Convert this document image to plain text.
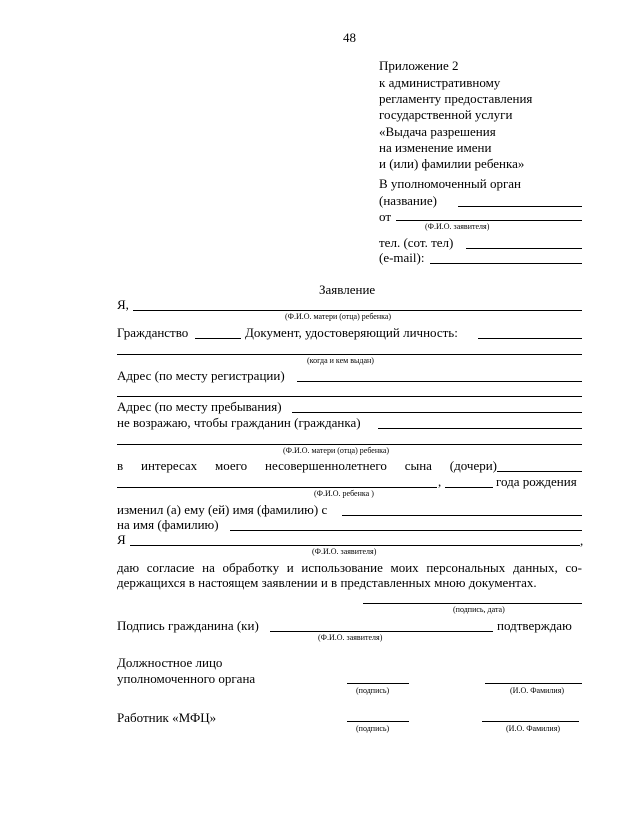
48
Приложение 2
к административному
регламенту предоставления
государственной услуги
«Выдача разрешения
на изменение имени
и (или) фамилии ребенка»
В уполномоченный орган
(название)
от
(Ф.И.О. заявителя)
тел. (сот. тел)
(e-mail):
Заявление
Я,
(Ф.И.О. матери (отца) ребенка)
Гражданство	Документ, удостоверяющий личность:
(когда и кем выдан)
Адрес (по месту регистрации)
Адрес (по месту пребывания)
не возражаю, чтобы гражданин (гражданка)
(Ф.И.О. матери (отца) ребенка)
в интересах моего несовершеннолетнего сына (дочери)
,	года рождения
(Ф.И.О. ребенка )
изменил (а) ему (ей) имя (фамилию) с
на имя (фамилию)
Я	,
(Ф.И.О. заявителя)
даю согласие на обработку и использование моих персональных данных, со-
держащихся в настоящем заявлении и в представленных мною документах.
(подпись, дата)
Подпись гражданина (ки)	подтверждаю
(Ф.И.О. заявителя)
Должностное лицо
уполномоченного органа
(подпись)	(И.О. Фамилия)
Работник «МФЦ»
(подпись)	(И.О. Фамилия)
